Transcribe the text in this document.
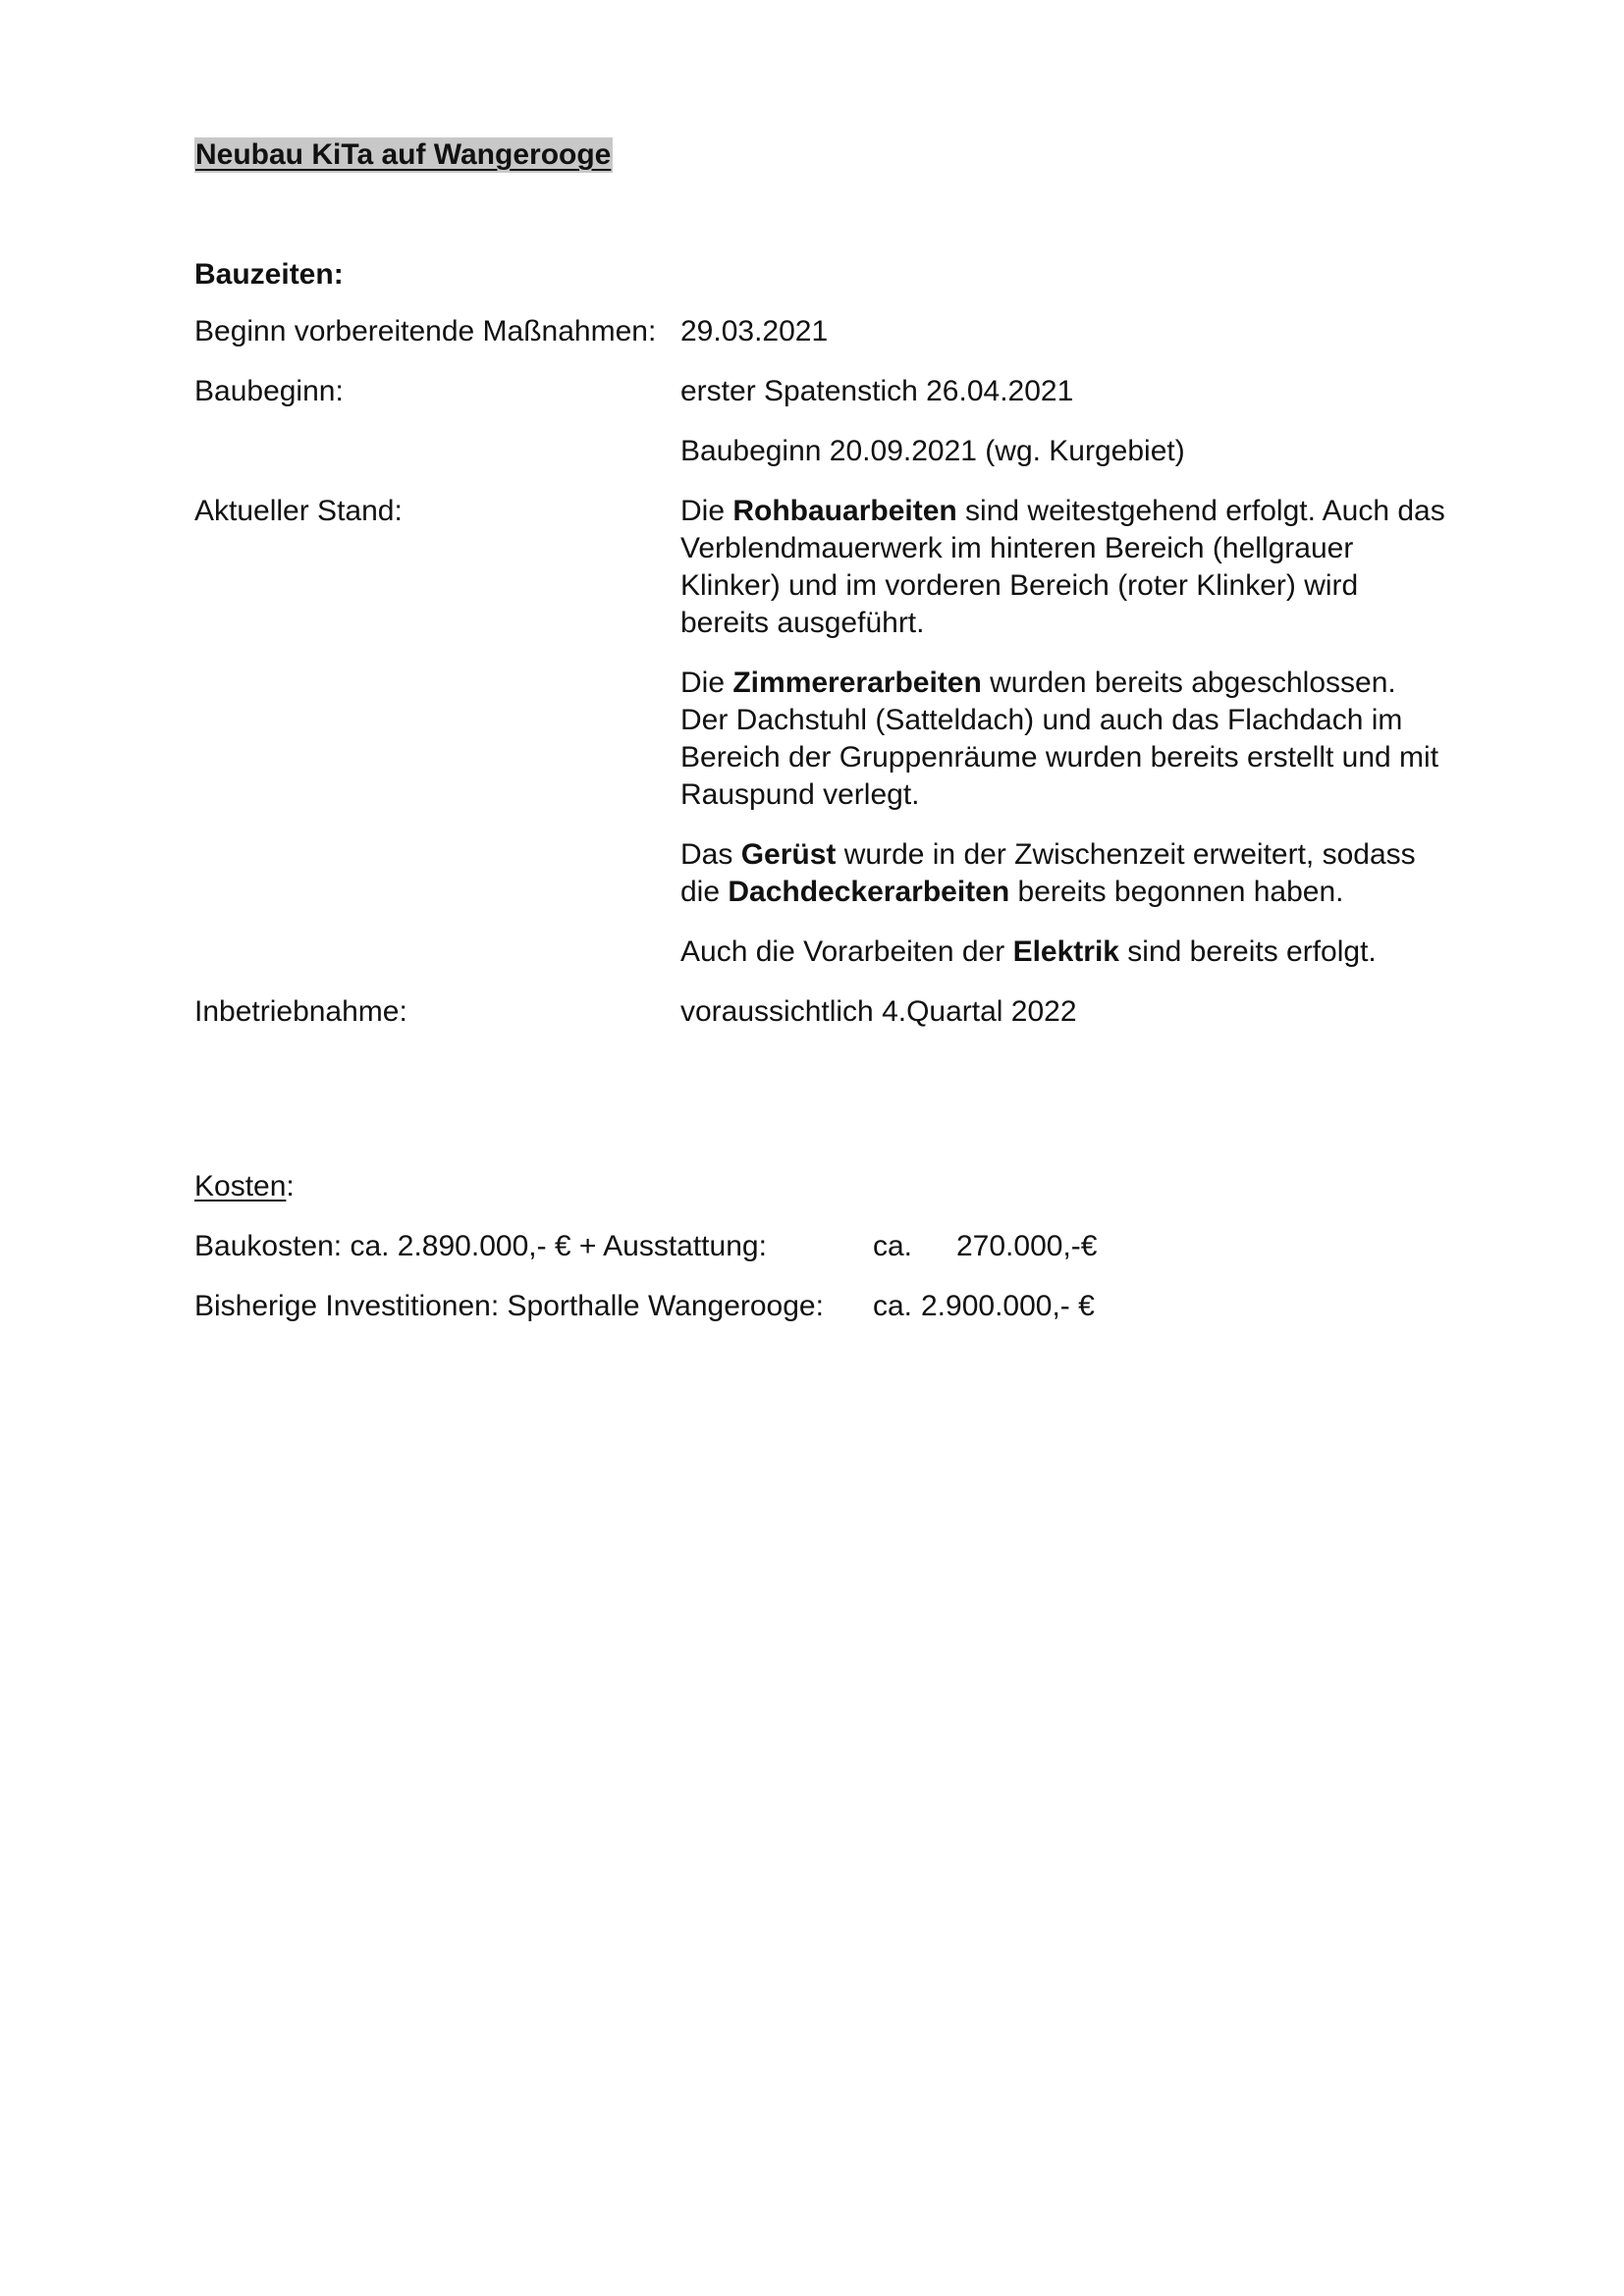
Neubau KiTa auf Wangerooge
Bauzeiten:
Beginn vorbereitende Maßnahmen: 29.03.2021
Baubeginn:	erster Spatenstich 26.04.2021
Baubeginn 20.09.2021 (wg. Kurgebiet)
Aktueller Stand:	Die Rohbauarbeiten sind weitestgehend erfolgt. Auch das Verblendmauerwerk im hinteren Bereich (hellgrauer Klinker) und im vorderen Bereich (roter Klinker) wird bereits ausgeführt.
Die Zimmererarbeiten wurden bereits abgeschlossen. Der Dachstuhl (Satteldach) und auch das Flachdach im Bereich der Gruppenräume wurden bereits erstellt und mit Rauspund verlegt.
Das Gerüst wurde in der Zwischenzeit erweitert, sodass die Dachdeckerarbeiten bereits begonnen haben.
Auch die Vorarbeiten der Elektrik sind bereits erfolgt.
Inbetriebnahme:	voraussichtlich 4.Quartal 2022
Kosten:
Baukosten: ca. 2.890.000,- € + Ausstattung:	ca. 270.000,-€
Bisherige Investitionen: Sporthalle Wangerooge: ca. 2.900.000,- €
